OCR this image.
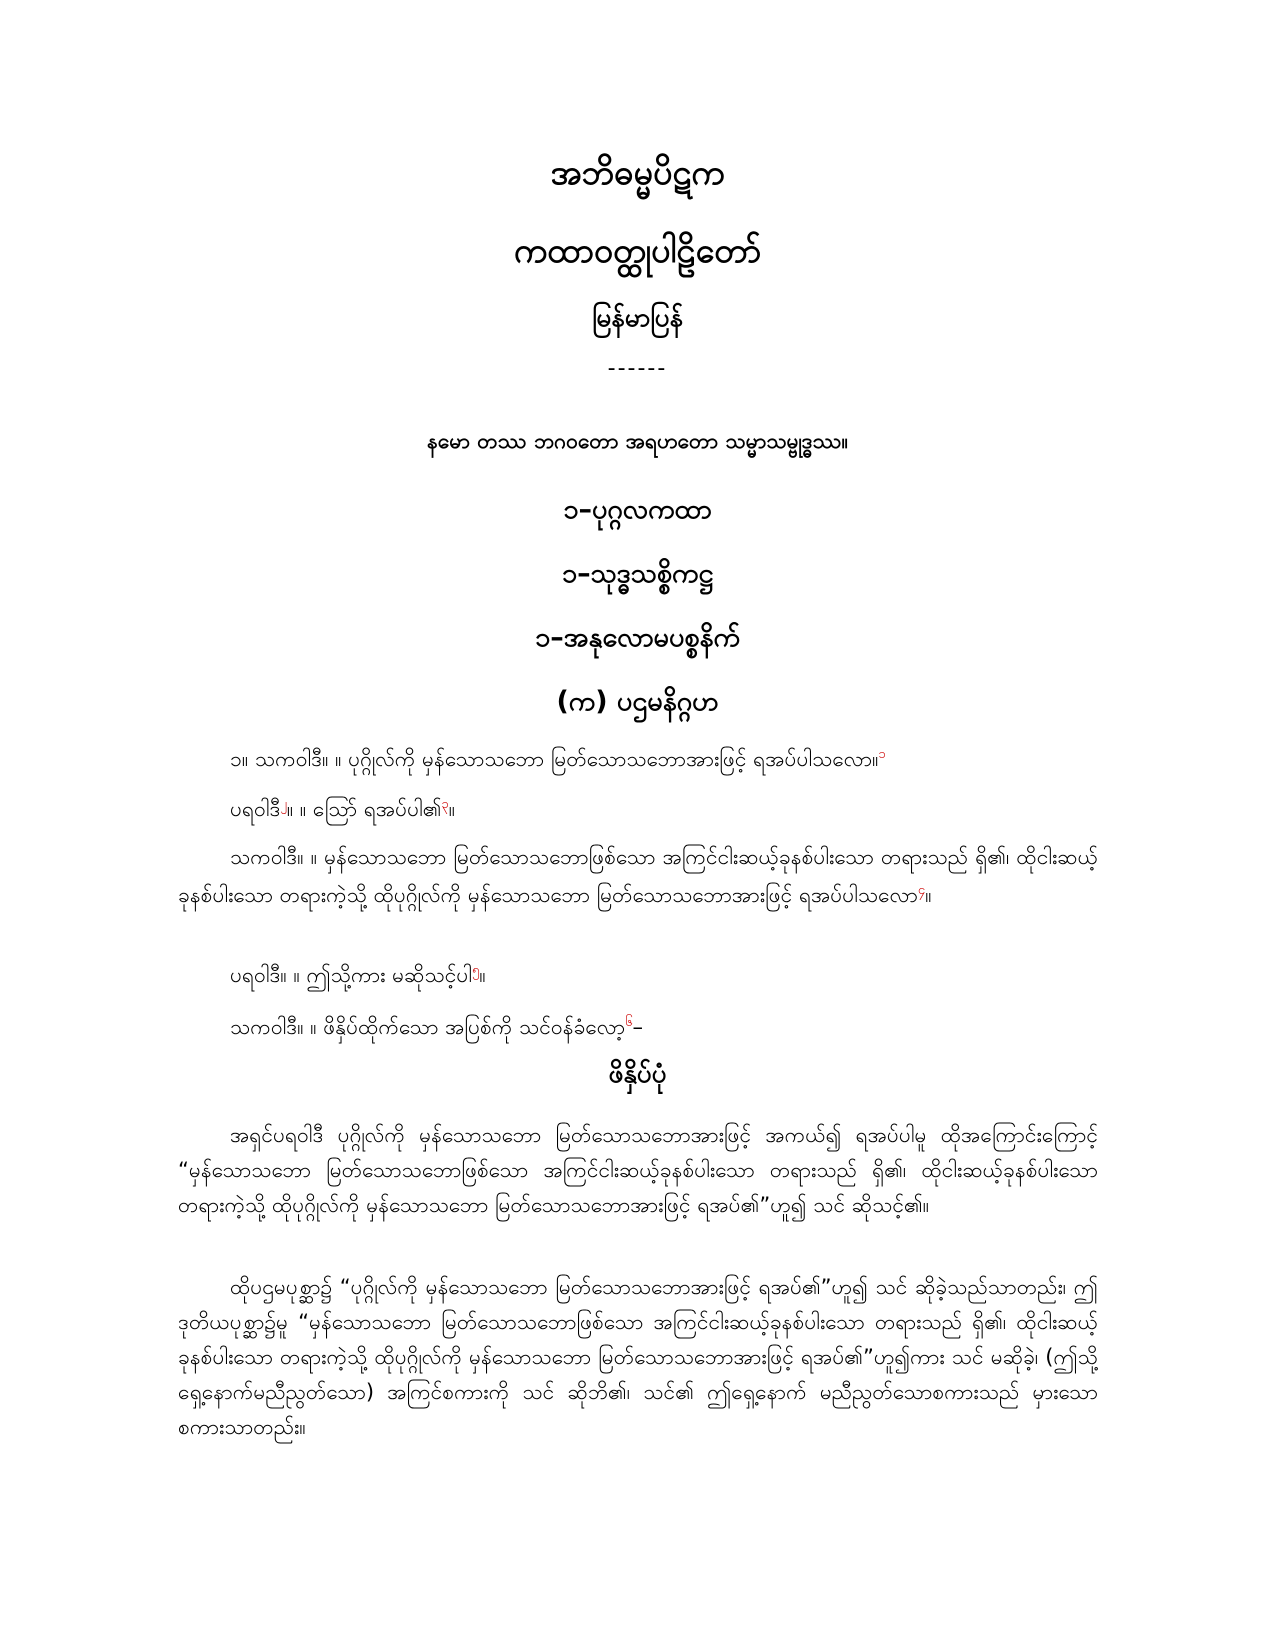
အဘိဓမ္မပိဋက
ကထာဝတ္ထုပါဠိတော်
မြန်မာပြန်
------
နမော တဿ ဘဂဝတော အရဟတော သမ္မာသမ္ဗုဒ္ဓဿ။
၁–ပုဂ္ဂလကထာ
၁–သုဒ္ဓသစ္စိကဋ္ဌ
၁–အနုလောမပစ္စနိက်
(က) ပဌမနိဂ္ဂဟ
၁။ သကဝါဒီ။ ။ ပုဂ္ဂိုလ်ကို မှန်သောသဘော မြတ်သောသဘောအားဖြင့် ရအပ်ပါသလော။$^၁$
ပရဝါဒီ$^၂$။ ။ သြော် ရအပ်ပါ၏$^၃$။
သကဝါဒီ။ ။ မှန်သောသဘော မြတ်သောသဘောဖြစ်သော အကြင်ငါးဆယ့်ခုနစ်ပါးသော တရားသည် ရှိ၏၊ ထိုငါးဆယ့်ခုနစ်ပါးသော တရားကဲ့သို့ ထိုပုဂ္ဂိုလ်ကို မှန်သောသဘော မြတ်သောသဘောအားဖြင့် ရအပ်ပါသလော$^၄$။
ပရဝါဒီ။ ။ ဤသို့ကား မဆိုသင့်ပါ$^၅$။
သကဝါဒီ။ ။ ဖိနှိပ်ထိုက်သော အပြစ်ကို သင်ဝန်ခံလော့$^၆$–
ဖိနှိပ်ပုံ
အရှင်ပရဝါဒီ ပုဂ္ဂိုလ်ကို မှန်သောသဘော မြတ်သောသဘောအားဖြင့် အကယ်၍ ရအပ်ပါမူ ထိုအကြောင်းကြောင့် “မှန်သောသဘော မြတ်သောသဘောဖြစ်သော အကြင်ငါးဆယ့်ခုနစ်ပါးသော တရားသည် ရှိ၏၊ ထိုငါးဆယ့်ခုနစ်ပါးသော တရားကဲ့သို့ ထိုပုဂ္ဂိုလ်ကို မှန်သောသဘော မြတ်သောသဘောအားဖြင့် ရအပ်၏”ဟူ၍ သင် ဆိုသင့်၏။
ထိုပဌမပုစ္ဆာ၌ “ပုဂ္ဂိုလ်ကို မှန်သောသဘော မြတ်သောသဘောအားဖြင့် ရအပ်၏”ဟူ၍ သင် ဆိုခဲ့သည်သာတည်း၊ ဤဒုတိယပုစ္ဆာ၌မူ “မှန်သောသဘော မြတ်သောသဘောဖြစ်သော အကြင်ငါးဆယ့်ခုနစ်ပါးသော တရားသည် ရှိ၏၊ ထိုငါးဆယ့်ခုနစ်ပါးသော တရားကဲ့သို့ ထိုပုဂ္ဂိုလ်ကို မှန်သောသဘော မြတ်သောသဘောအားဖြင့် ရအပ်၏”ဟူ၍ကား သင် မဆိုခဲ့၊ (ဤသို့ ရှေ့နောက်မညီညွတ်သော) အကြင်စကားကို သင် ဆိုဘိ၏၊ သင်၏ ဤရှေ့နောက် မညီညွတ်သောစကားသည် မှားသောစကားသာတည်း။
